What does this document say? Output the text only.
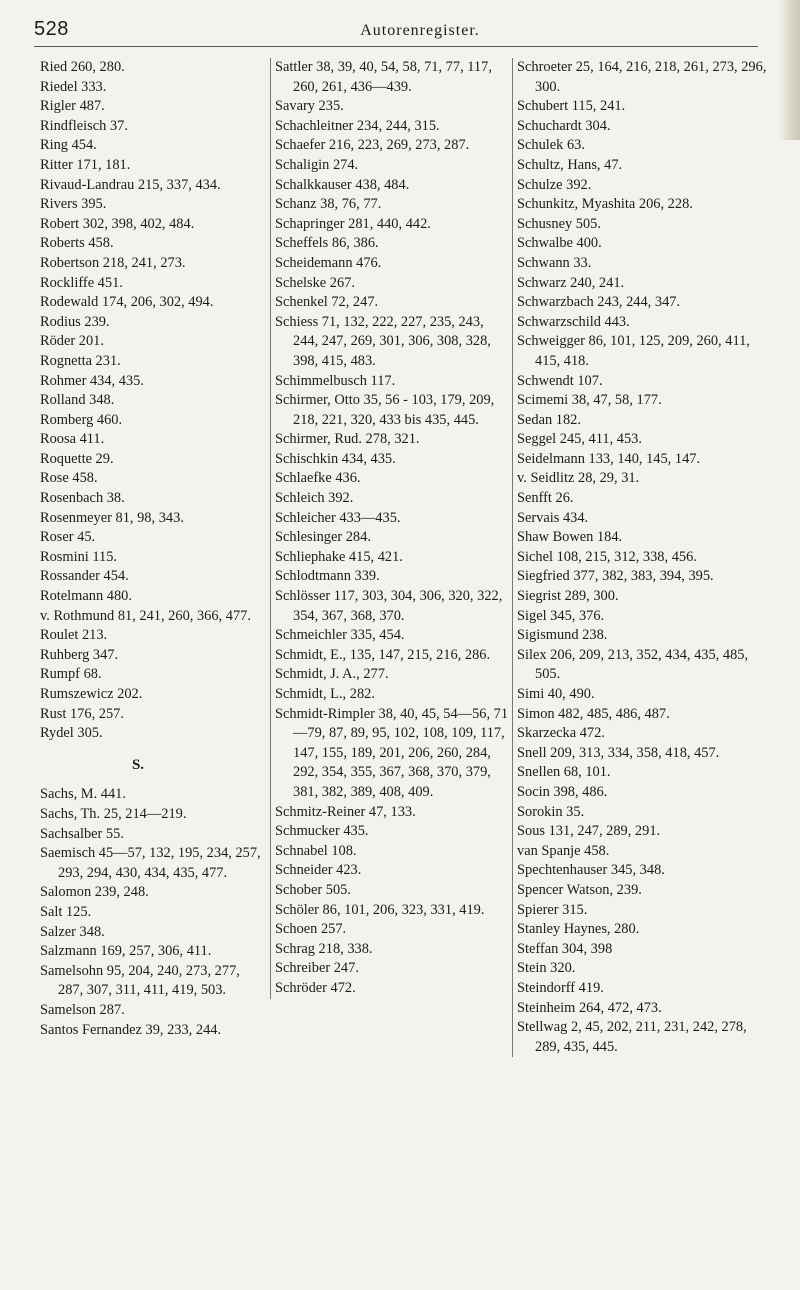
528	Autorenregister.
Ried 260, 280.
Riedel 333.
Rigler 487.
Rindfleisch 37.
Ring 454.
Ritter 171, 181.
Rivaud-Landrau 215, 337, 434.
Rivers 395.
Robert 302, 398, 402, 484.
Roberts 458.
Robertson 218, 241, 273.
Rockliffe 451.
Rodewald 174, 206, 302, 494.
Rodius 239.
Röder 201.
Rognetta 231.
Rohmer 434, 435.
Rolland 348.
Romberg 460.
Roosa 411.
Roquette 29.
Rose 458.
Rosenbach 38.
Rosenmeyer 81, 98, 343.
Roser 45.
Rosmini 115.
Rossander 454.
Rotelmann 480.
v. Rothmund 81, 241, 260, 366, 477.
Roulet 213.
Ruhberg 347.
Rumpf 68.
Rumszewicz 202.
Rust 176, 257.
Rydel 305.
S.
Sachs, M. 441.
Sachs, Th. 25, 214—219.
Sachsalber 55.
Saemisch 45—57, 132, 195, 234, 257, 293, 294, 430, 434, 435, 477.
Salomon 239, 248.
Salt 125.
Salzer 348.
Salzmann 169, 257, 306, 411.
Samelsohn 95, 204, 240, 273, 277, 287, 307, 311, 411, 419, 503.
Samelson 287.
Santos Fernandez 39, 233, 244.
Sattler 38, 39, 40, 54, 58, 71, 77, 117, 260, 261, 436—439.
Savary 235.
Schachleitner 234, 244, 315.
Schaefer 216, 223, 269, 273, 287.
Schaligin 274.
Schalkkauser 438, 484.
Schanz 38, 76, 77.
Schapringer 281, 440, 442.
Scheffels 86, 386.
Scheidemann 476.
Schelske 267.
Schenkel 72, 247.
Schiess 71, 132, 222, 227, 235, 243, 244, 247, 269, 301, 306, 308, 328, 398, 415, 483.
Schimmelbusch 117.
Schirmer, Otto 35, 56 - 103, 179, 209, 218, 221, 320, 433 bis 435, 445.
Schirmer, Rud. 278, 321.
Schischkin 434, 435.
Schlaefke 436.
Schleich 392.
Schleicher 433—435.
Schlesinger 284.
Schliephake 415, 421.
Schlodtmann 339.
Schlösser 117, 303, 304, 306, 320, 322, 354, 367, 368, 370.
Schmeichler 335, 454.
Schmidt, E., 135, 147, 215, 216, 286.
Schmidt, J. A., 277.
Schmidt, L., 282.
Schmidt-Rimpler 38, 40, 45, 54—56, 71—79, 87, 89, 95, 102, 108, 109, 117, 147, 155, 189, 201, 206, 260, 284, 292, 354, 355, 367, 368, 370, 379, 381, 382, 389, 408, 409.
Schmitz-Reiner 47, 133.
Schmucker 435.
Schnabel 108.
Schneider 423.
Schober 505.
Schöler 86, 101, 206, 323, 331, 419.
Schoen 257.
Schrag 218, 338.
Schreiber 247.
Schröder 472.
Schroeter 25, 164, 216, 218, 261, 273, 296, 300.
Schubert 115, 241.
Schuchardt 304.
Schulek 63.
Schultz, Hans, 47.
Schulze 392.
Schunkitz, Myashita 206, 228.
Schusney 505.
Schwalbe 400.
Schwann 33.
Schwarz 240, 241.
Schwarzbach 243, 244, 347.
Schwarzschild 443.
Schweigger 86, 101, 125, 209, 260, 411, 415, 418.
Schwendt 107.
Scimemi 38, 47, 58, 177.
Sedan 182.
Seggel 245, 411, 453.
Seidelmann 133, 140, 145, 147.
v. Seidlitz 28, 29, 31.
Senfft 26.
Servais 434.
Shaw Bowen 184.
Sichel 108, 215, 312, 338, 456.
Siegfried 377, 382, 383, 394, 395.
Siegrist 289, 300.
Sigel 345, 376.
Sigismund 238.
Silex 206, 209, 213, 352, 434, 435, 485, 505.
Simi 40, 490.
Simon 482, 485, 486, 487.
Skarzecka 472.
Snell 209, 313, 334, 358, 418, 457.
Snellen 68, 101.
Socin 398, 486.
Sorokin 35.
Sous 131, 247, 289, 291.
van Spanje 458.
Spechtenhauser 345, 348.
Spencer Watson, 239.
Spierer 315.
Stanley Haynes, 280.
Steffan 304, 398
Stein 320.
Steindorff 419.
Steinheim 264, 472, 473.
Stellwag 2, 45, 202, 211, 231, 242, 278, 289, 435, 445.
